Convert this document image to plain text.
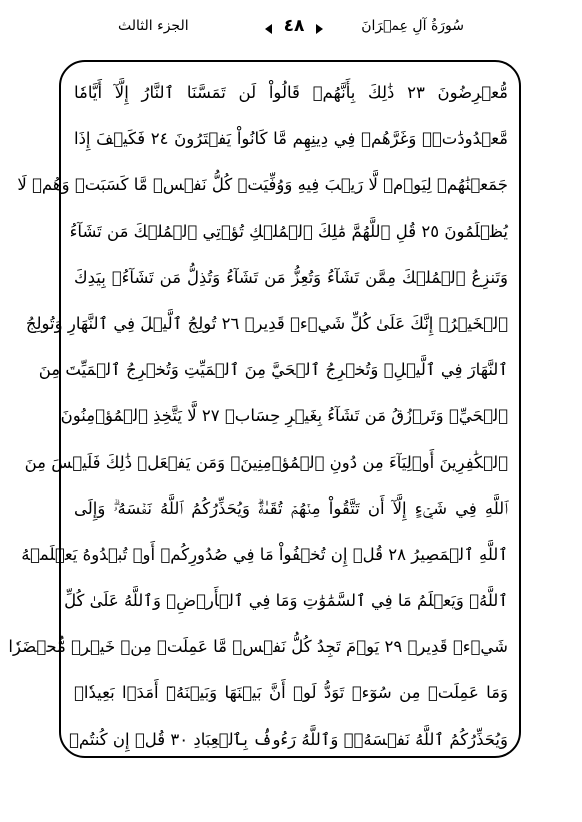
الجزء الثالث	٤٨	سُورَةُ آلِ عِمۡرَانَ
مُّعۡرِضُونَ ٢٣ ذَٰلِكَ بِأَنَّهُمۡ قَالُواْ لَن تَمَسَّنَا ٱلنَّارُ إِلَّآ أَيَّامٗا
مَّعۡدُودَٰتٖۖ وَغَرَّهُمۡ فِي دِينِهِم مَّا كَانُواْ يَفۡتَرُونَ ٢٤ فَكَيۡفَ إِذَا
جَمَعۡنَٰهُمۡ لِيَوۡمٖ لَّا رَيۡبَ فِيهِ وَوُفِّيَتۡ كُلُّ نَفۡسٖ مَّا كَسَبَتۡ وَهُمۡ لَا
يُظۡلَمُونَ ٢٥ قُلِ ٱللَّهُمَّ مَٰلِكَ ٱلۡمُلۡكِ تُؤۡتِي ٱلۡمُلۡكَ مَن تَشَآءُ
وَتَنزِعُ ٱلۡمُلۡكَ مِمَّن تَشَآءُ وَتُعِزُّ مَن تَشَآءُ وَتُذِلُّ مَن تَشَآءُۖ بِيَدِكَ
ٱلۡخَيۡرُۖ إِنَّكَ عَلَىٰ كُلِّ شَيۡءٖ قَدِيرٞ ٢٦ تُولِجُ ٱلَّيۡلَ فِي ٱلنَّهَارِ وَتُولِجُ
ٱلنَّهَارَ فِي ٱلَّيۡلِۖ وَتُخۡرِجُ ٱلۡحَيَّ مِنَ ٱلۡمَيِّتِ وَتُخۡرِجُ ٱلۡمَيِّتَ مِنَ
ٱلۡحَيِّۖ وَتَرۡزُقُ مَن تَشَآءُ بِغَيۡرِ حِسَابٖ ٢٧ لَّا يَتَّخِذِ ٱلۡمُؤۡمِنُونَ
ٱلۡكَٰفِرِينَ أَوۡلِيَآءَ مِن دُونِ ٱلۡمُؤۡمِنِينَۖ وَمَن يَفۡعَلۡ ذَٰلِكَ فَلَيۡسَ مِنَ
ٱللَّهِ فِي شَيۡءٍ إِلَّآ أَن تَتَّقُواْ مِنۡهُمۡ تُقَىٰةٗۗ وَيُحَذِّرُكُمُ ٱللَّهُ نَفۡسَهُۥۗ وَإِلَى
ٱللَّهِ ٱلۡمَصِيرُ ٢٨ قُلۡ إِن تُخۡفُواْ مَا فِي صُدُورِكُمۡ أَوۡ تُبۡدُوهُ يَعۡلَمۡهُ
ٱللَّهُۗ وَيَعۡلَمُ مَا فِي ٱلسَّمَٰوَٰتِ وَمَا فِي ٱلۡأَرۡضِۗ وَٱللَّهُ عَلَىٰ كُلِّ
شَيۡءٖ قَدِيرٞ ٢٩ يَوۡمَ تَجِدُ كُلُّ نَفۡسٖ مَّا عَمِلَتۡ مِنۡ خَيۡرٖ مُّحۡضَرٗا
وَمَا عَمِلَتۡ مِن سُوٓءٖ تَوَدُّ لَوۡ أَنَّ بَيۡنَهَا وَبَيۡنَهُۥٓ أَمَدَۢا بَعِيدٗاۗ
وَيُحَذِّرُكُمُ ٱللَّهُ نَفۡسَهُۥۗ وَٱللَّهُ رَءُوفُۢ بِٱلۡعِبَادِ ٣٠ قُلۡ إِن كُنتُمۡ
